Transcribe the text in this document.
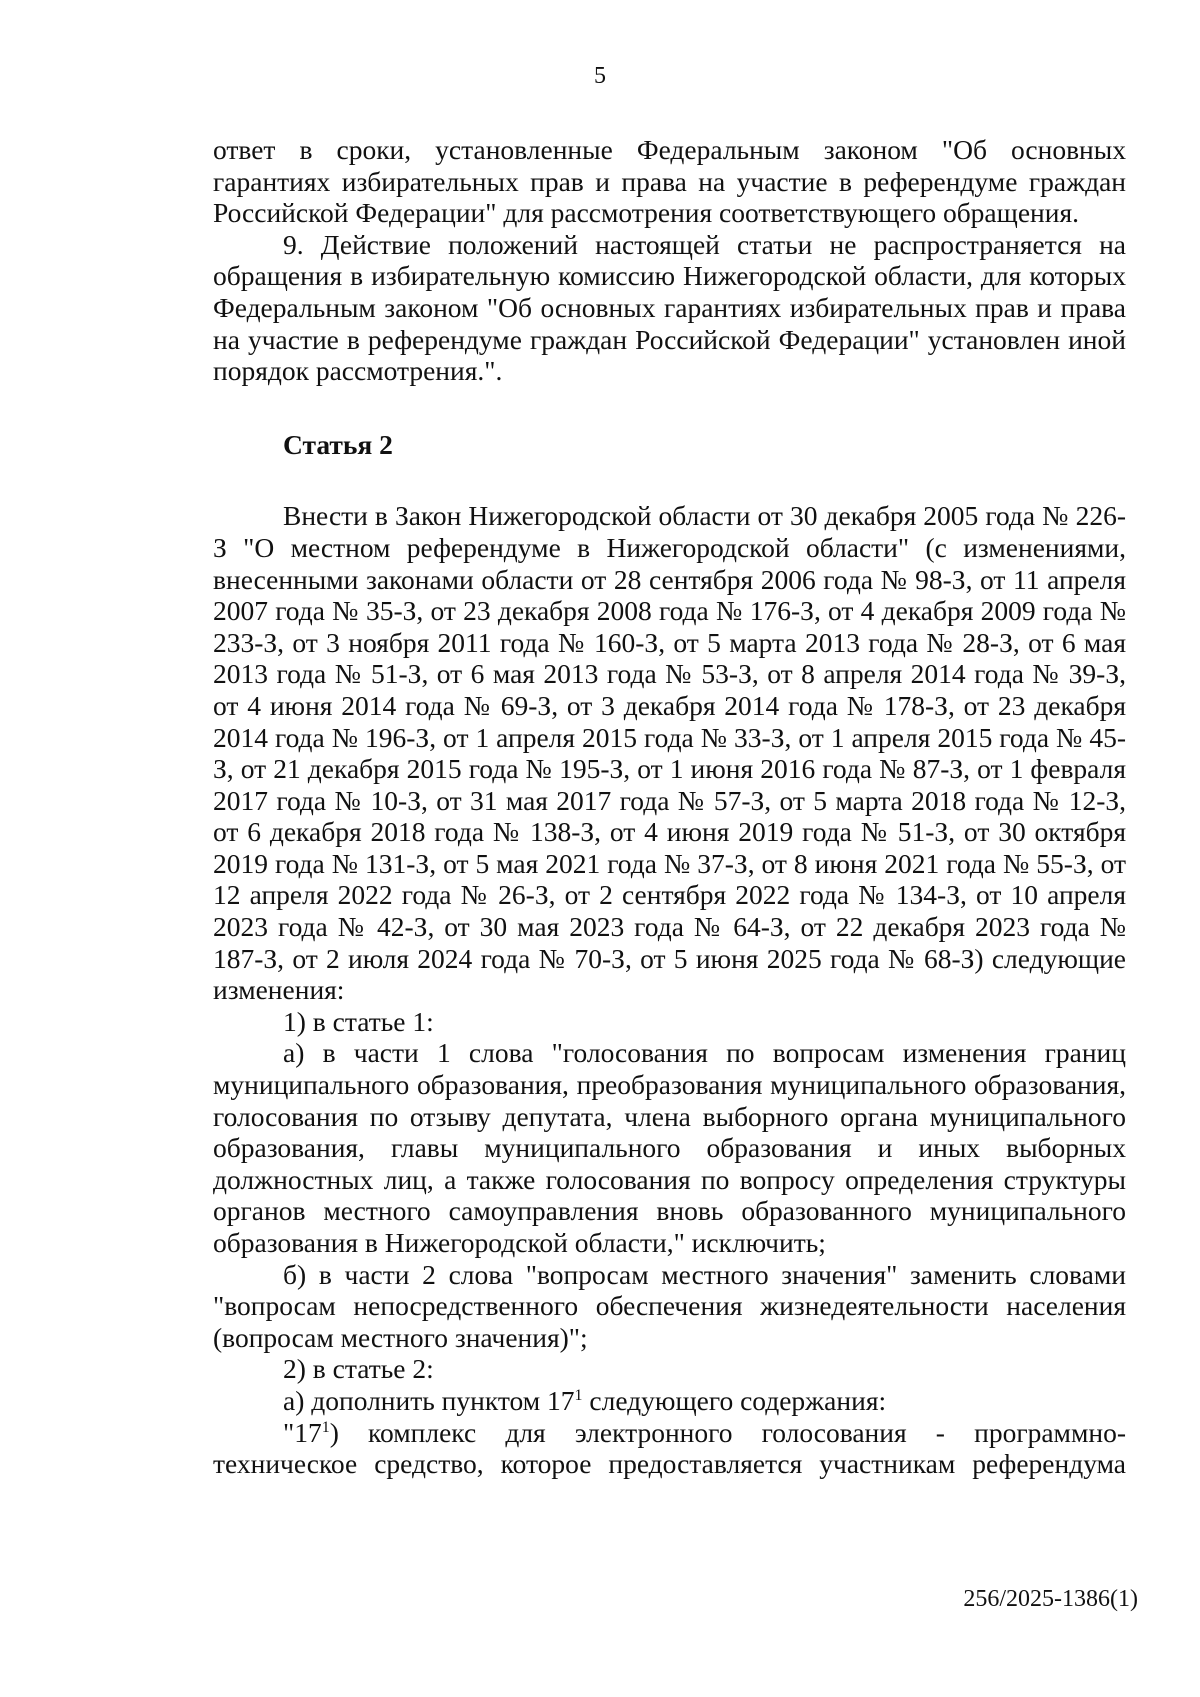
5

ответ в сроки, установленные Федеральным законом "Об основных гарантиях избирательных прав и права на участие в референдуме граждан Российской Федерации" для рассмотрения соответствующего обращения.

9. Действие положений настоящей статьи не распространяется на обращения в избирательную комиссию Нижегородской области, для которых Федеральным законом "Об основных гарантиях избирательных прав и права на участие в референдуме граждан Российской Федерации" установлен иной порядок рассмотрения.".

Статья 2

Внести в Закон Нижегородской области от 30 декабря 2005 года № 226-З "О местном референдуме в Нижегородской области" (с изменениями, внесенными законами области от 28 сентября 2006 года № 98-З, от 11 апреля 2007 года № 35-З, от 23 декабря 2008 года № 176-З, от 4 декабря 2009 года № 233-З, от 3 ноября 2011 года № 160-З, от 5 марта 2013 года № 28-З, от 6 мая 2013 года № 51-З, от 6 мая 2013 года № 53-З, от 8 апреля 2014 года № 39-З, от 4 июня 2014 года № 69-З, от 3 декабря 2014 года № 178-З, от 23 декабря 2014 года № 196-З, от 1 апреля 2015 года № 33-З, от 1 апреля 2015 года № 45-З, от 21 декабря 2015 года № 195-З, от 1 июня 2016 года № 87-З, от 1 февраля 2017 года № 10-З, от 31 мая 2017 года № 57-З, от 5 марта 2018 года № 12-З, от 6 декабря 2018 года № 138-З, от 4 июня 2019 года № 51-З, от 30 октября 2019 года № 131-З, от 5 мая 2021 года № 37-З, от 8 июня 2021 года № 55-З, от 12 апреля 2022 года № 26-З, от 2 сентября 2022 года № 134-З, от 10 апреля 2023 года № 42-З, от 30 мая 2023 года № 64-З, от 22 декабря 2023 года № 187-З, от 2 июля 2024 года № 70-З, от 5 июня 2025 года № 68-З) следующие изменения:

1) в статье 1:

а) в части 1 слова "голосования по вопросам изменения границ муниципального образования, преобразования муниципального образования, голосования по отзыву депутата, члена выборного органа муниципального образования, главы муниципального образования и иных выборных должностных лиц, а также голосования по вопросу определения структуры органов местного самоуправления вновь образованного муниципального образования в Нижегородской области," исключить;

б) в части 2 слова "вопросам местного значения" заменить словами "вопросам непосредственного обеспечения жизнедеятельности населения (вопросам местного значения)";

2) в статье 2:

а) дополнить пунктом $17^1$ следующего содержания:

"$17^1$) комплекс для электронного голосования - программно-техническое средство, которое предоставляется участникам референдума

256/2025-1386(1)
